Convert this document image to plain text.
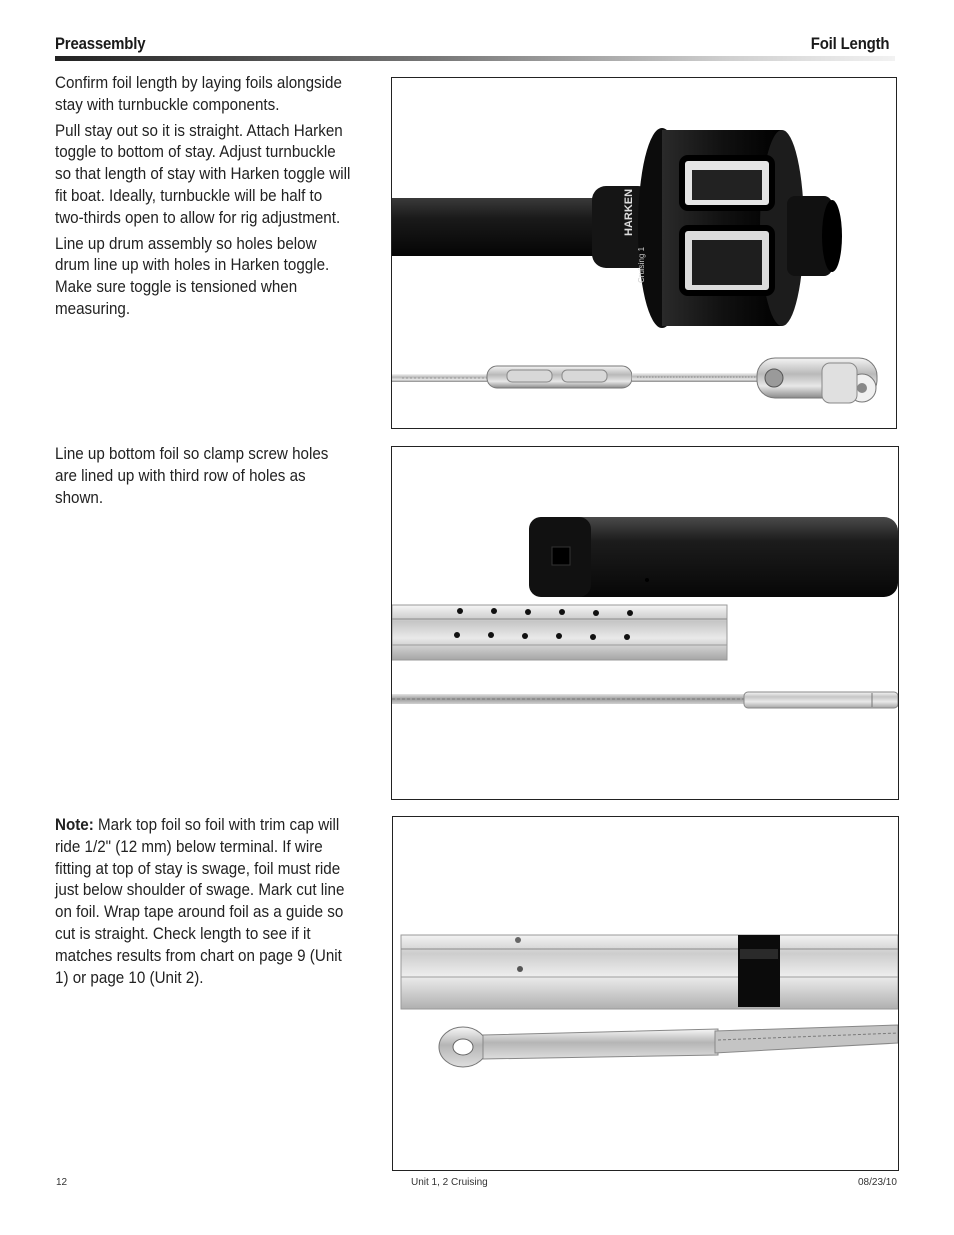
Preassembly	Foil Length

Confirm foil length by laying foils alongside stay with turnbuckle components.

Pull stay out so it is straight. Attach Harken toggle to bottom of stay. Adjust turnbuckle so that length of stay with Harken toggle will fit boat. Ideally, turnbuckle will be half to two-thirds open to allow for rig adjustment.

Line up drum assembly so holes below drum line up with holes in Harken toggle. Make sure toggle is tensioned when measuring.

HARKEN
Cruising 1

Line up bottom foil so clamp screw holes are lined up with third row of holes as shown.

Note: Mark top foil so foil with trim cap will ride 1/2" (12 mm) below terminal. If wire fitting at top of stay is swage, foil must ride just below shoulder of swage. Mark cut line on foil. Wrap tape around foil as a guide so cut is straight. Check length to see if it matches results from chart on page 9 (Unit 1) or page 10 (Unit 2).

12	Unit 1, 2 Cruising	08/23/10
